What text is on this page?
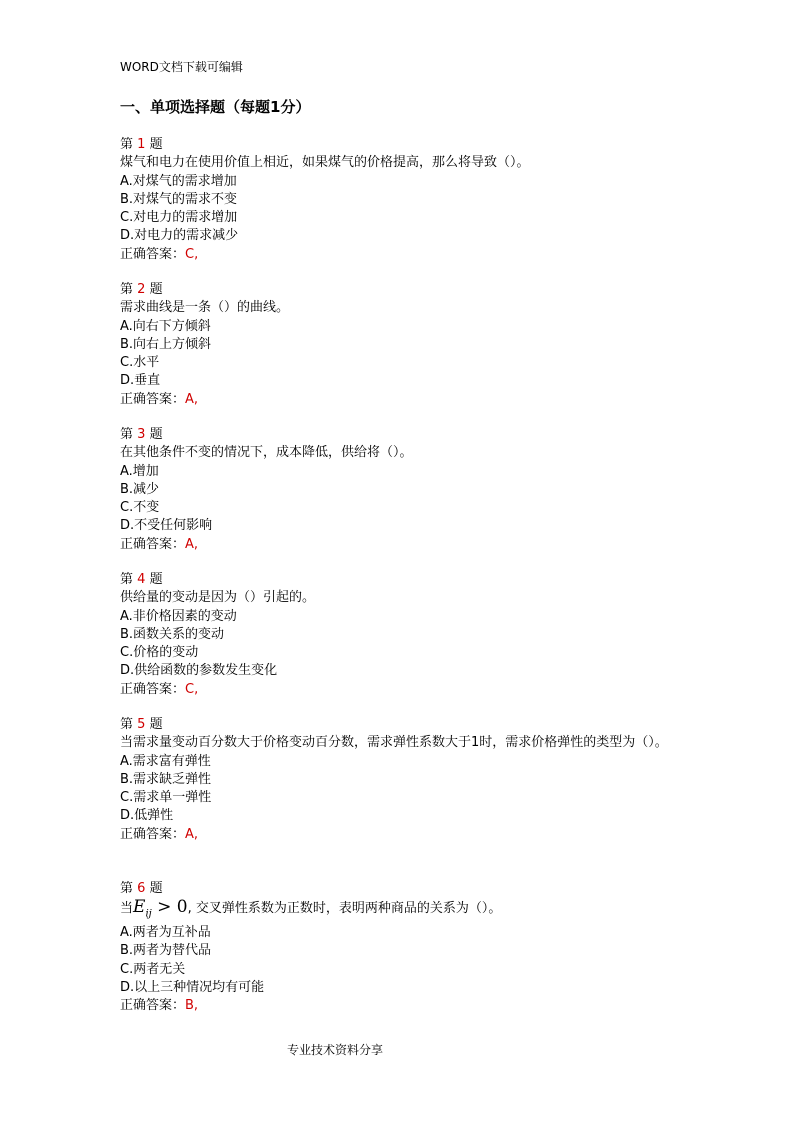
WORD文档下载可编辑
一、单项选择题（每题1分）
第 1 题
煤气和电力在使用价值上相近，如果煤气的价格提高，那么将导致（）。
A.对煤气的需求增加
B.对煤气的需求不变
C.对电力的需求增加
D.对电力的需求减少
正确答案：C,
第 2 题
需求曲线是一条（）的曲线。
A.向右下方倾斜
B.向右上方倾斜
C.水平
D.垂直
正确答案：A,
第 3 题
在其他条件不变的情况下，成本降低，供给将（）。
A.增加
B.减少
C.不变
D.不受任何影响
正确答案：A,
第 4 题
供给量的变动是因为（）引起的。
A.非价格因素的变动
B.函数关系的变动
C.价格的变动
D.供给函数的参数发生变化
正确答案：C,
第 5 题
当需求量变动百分数大于价格变动百分数，需求弹性系数大于1时，需求价格弹性的类型为（）。
A.需求富有弹性
B.需求缺乏弹性
C.需求单一弹性
D.低弹性
正确答案：A,
第 6 题
当$E_{ij} > 0$, 交叉弹性系数为正数时，表明两种商品的关系为（）。
A.两者为互补品
B.两者为替代品
C.两者无关
D.以上三种情况均有可能
正确答案：B,
专业技术资料分享
